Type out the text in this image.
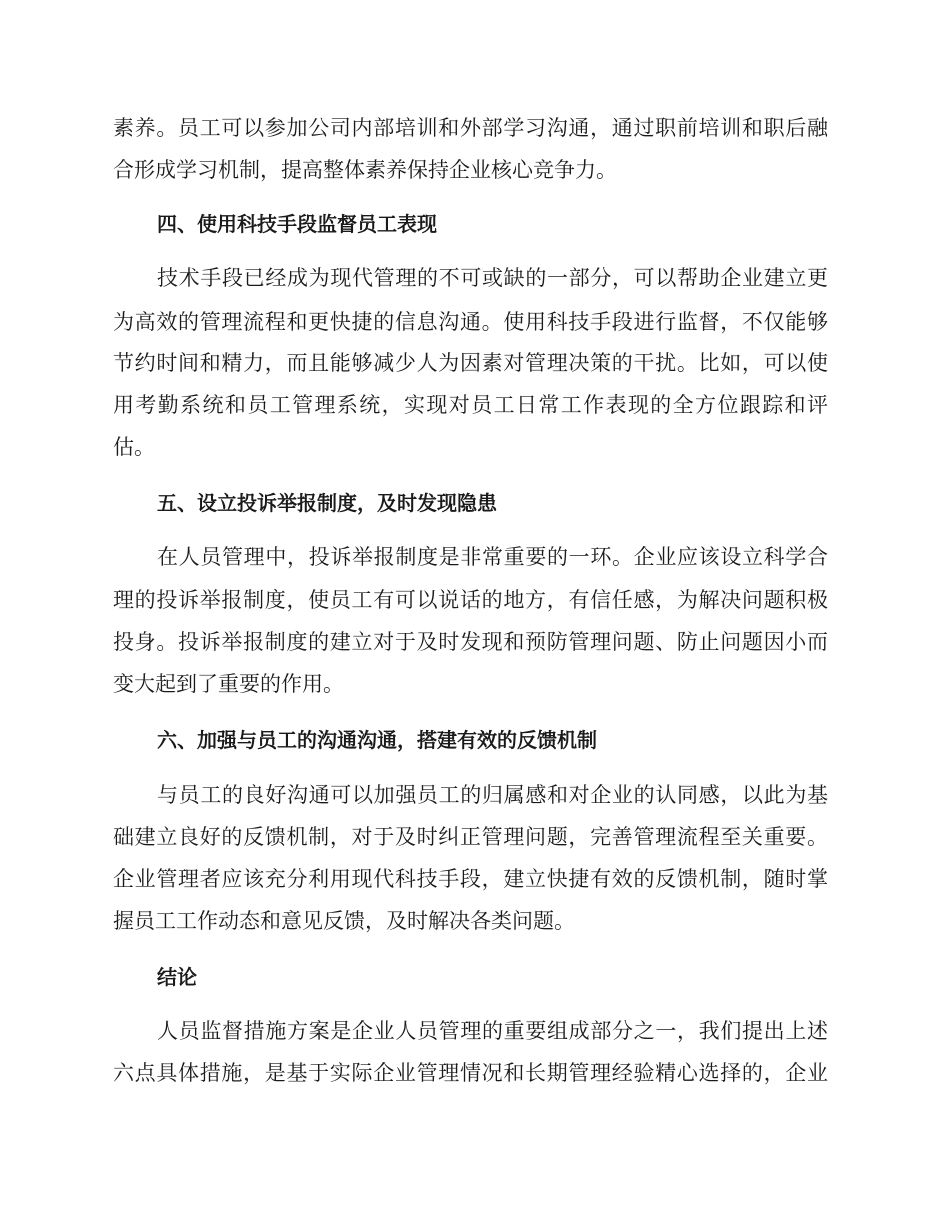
素养。员工可以参加公司内部培训和外部学习沟通，通过职前培训和职后融

合形成学习机制，提高整体素养保持企业核心竞争力。

四、使用科技手段监督员工表现

技术手段已经成为现代管理的不可或缺的一部分，可以帮助企业建立更

为高效的管理流程和更快捷的信息沟通。使用科技手段进行监督，不仅能够

节约时间和精力，而且能够减少人为因素对管理决策的干扰。比如，可以使

用考勤系统和员工管理系统，实现对员工日常工作表现的全方位跟踪和评

估。

五、设立投诉举报制度，及时发现隐患

在人员管理中，投诉举报制度是非常重要的一环。企业应该设立科学合

理的投诉举报制度，使员工有可以说话的地方，有信任感，为解决问题积极

投身。投诉举报制度的建立对于及时发现和预防管理问题、防止问题因小而

变大起到了重要的作用。

六、加强与员工的沟通沟通，搭建有效的反馈机制

与员工的良好沟通可以加强员工的归属感和对企业的认同感，以此为基

础建立良好的反馈机制，对于及时纠正管理问题，完善管理流程至关重要。

企业管理者应该充分利用现代科技手段，建立快捷有效的反馈机制，随时掌

握员工工作动态和意见反馈，及时解决各类问题。

结论

人员监督措施方案是企业人员管理的重要组成部分之一，我们提出上述

六点具体措施，是基于实际企业管理情况和长期管理经验精心选择的，企业
